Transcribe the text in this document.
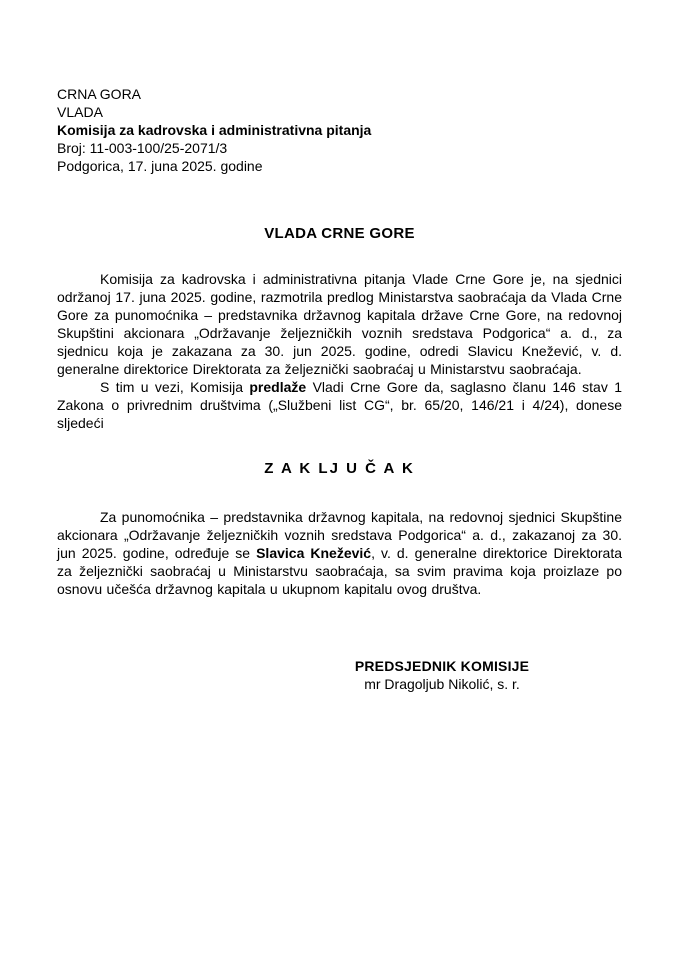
CRNA GORA
VLADA
Komisija za kadrovska i administrativna pitanja
Broj: 11-003-100/25-2071/3
Podgorica, 17. juna 2025. godine
VLADA CRNE GORE

Komisija za kadrovska i administrativna pitanja Vlade Crne Gore je, na sjednici održanoj 17. juna 2025. godine, razmotrila predlog Ministarstva saobraćaja da Vlada Crne Gore za punomoćnika – predstavnika državnog kapitala države Crne Gore, na redovnoj Skupštini akcionara „Održavanje željezničkih voznih sredstava Podgorica“ a. d., za sjednicu koja je zakazana za 30. jun 2025. godine, odredi Slavicu Knežević, v. d. generalne direktorice Direktorata za željeznički saobraćaj u Ministarstvu saobraćaja.

S tim u vezi, Komisija predlaže Vladi Crne Gore da, saglasno članu 146 stav 1 Zakona o privrednim društvima („Službeni list CG“, br. 65/20, 146/21 i 4/24), donese sljedeći

Z A K LJ U Č A K

Za punomoćnika – predstavnika državnog kapitala, na redovnoj sjednici Skupštine akcionara „Održavanje željezničkih voznih sredstava Podgorica“ a. d., zakazanoj za 30. jun 2025. godine, određuje se Slavica Knežević, v. d. generalne direktorice Direktorata za željeznički saobraćaj u Ministarstvu saobraćaja, sa svim pravima koja proizlaze po osnovu učešća državnog kapitala u ukupnom kapitalu ovog društva.

PREDSJEDNIK KOMISIJE
mr Dragoljub Nikolić, s. r.
